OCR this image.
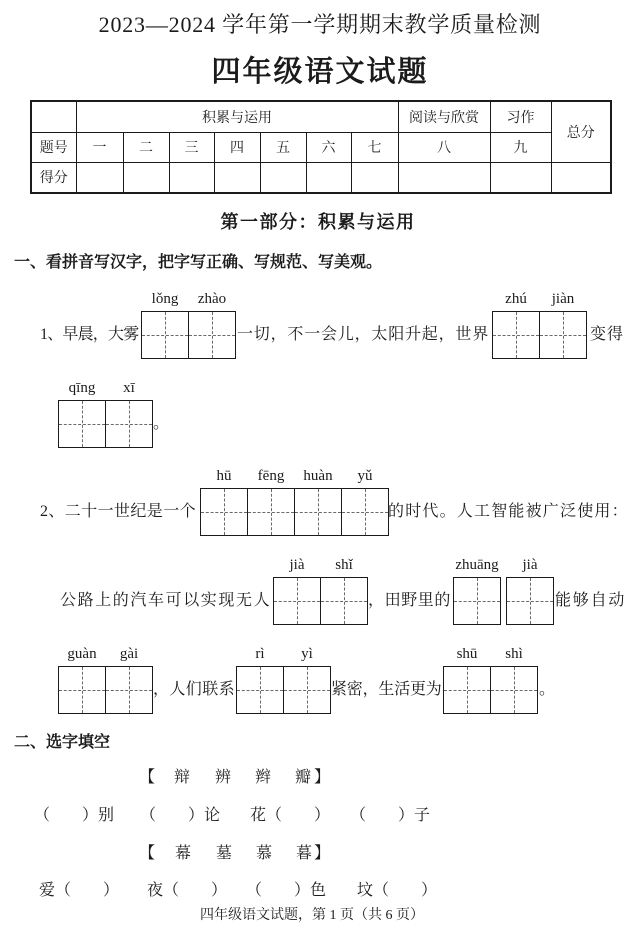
2023—2024 学年第一学期期末教学质量检测
四年级语文试题
	积累与运用							阅读与欣赏	习作	总分
题号	一	二	三	四	五	六	七	八	九	
得分										
第一部分：积累与运用
一、看拼音写汉字，把字写正确、写规范、写美观。
1、早晨，大雾
lǒng zhào
一切，不一会儿，太阳升起，世界
zhú jiàn
变得
qīng xī
。
2、二十一世纪是一个
hū fēng huàn yǔ
的时代。人工智能被广泛使用：
公路上的汽车可以实现无人
jià shǐ
，田野里的
zhuāng jià
能够自动
guàn gài
，人们联系
rì yì
紧密，生活更为
shū shì
。
二、选字填空
【 辩 辨 辫 瓣 】
（　　）别 （　　）论 花（　　） （　　）子
【 幕 墓 慕 暮 】
爱（　　） 夜（　　） （　　）色 坟（　　）
四年级语文试题，第 1 页（共 6 页）
